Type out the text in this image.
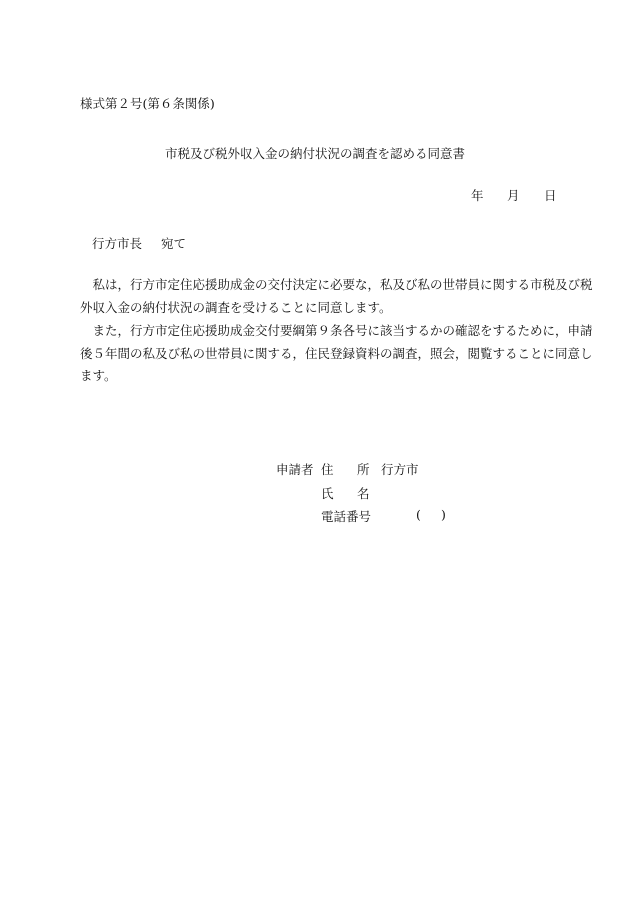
様式第２号(第６条関係)
市税及び税外収入金の納付状況の調査を認める同意書
年 月 日
行方市長 宛て
　私は，行方市定住応援助成金の交付決定に必要な，私及び私の世帯員に関する市税及び税
外収入金の納付状況の調査を受けることに同意します。
　また，行方市定住応援助成金交付要綱第９条各号に該当するかの確認をするために，申請
後５年間の私及び私の世帯員に関する，住民登録資料の調査，照会，閲覧することに同意し
ます。
申請者 住 所 行方市
氏 名
電話番号	( )
